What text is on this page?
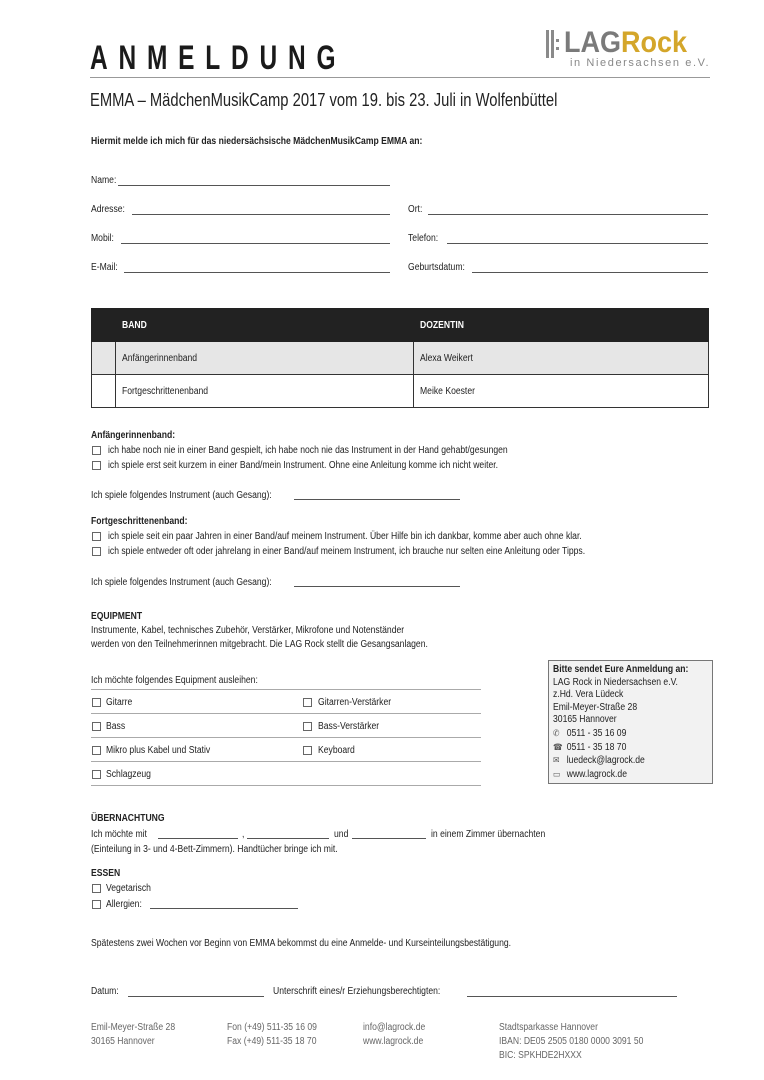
ANMELDUNG	LAGRock
in Niedersachsen e.V.
EMMA – MädchenMusikCamp 2017 vom 19. bis 23. Juli in Wolfenbüttel
Hiermit melde ich mich für das niedersächsische MädchenMusikCamp EMMA an:
Name:
Adresse:	Ort:
Mobil:	Telefon:
E-Mail:	Geburtsdatum:
	BAND	DOZENTIN
	Anfängerinnenband	Alexa Weikert
	Fortgeschrittenenband	Meike Koester
Anfängerinnenband:
ich habe noch nie in einer Band gespielt, ich habe noch nie das Instrument in der Hand gehabt/gesungen
ich spiele erst seit kurzem in einer Band/mein Instrument. Ohne eine Anleitung komme ich nicht weiter.
Ich spiele folgendes Instrument (auch Gesang):
Fortgeschrittenenband:
ich spiele seit ein paar Jahren in einer Band/auf meinem Instrument. Über Hilfe bin ich dankbar, komme aber auch ohne klar.
ich spiele entweder oft oder jahrelang in einer Band/auf meinem Instrument, ich brauche nur selten eine Anleitung oder Tipps.
Ich spiele folgendes Instrument (auch Gesang):
EQUIPMENT
Instrumente, Kabel, technisches Zubehör, Verstärker, Mikrofone und Notenständer
werden von den Teilnehmerinnen mitgebracht. Die LAG Rock stellt die Gesangsanlagen.
Ich möchte folgendes Equipment ausleihen:
Gitarre	Gitarren-Verstärker
Bass	Bass-Verstärker
Mikro plus Kabel und Stativ	Keyboard
Schlagzeug
Bitte sendet Eure Anmeldung an:
LAG Rock in Niedersachsen e.V.
z.Hd. Vera Lüdeck
Emil-Meyer-Straße 28
30165 Hannover
✆ 0511 - 35 16 09
☎ 0511 - 35 18 70
✉ luedeck@lagrock.de
▭ www.lagrock.de
ÜBERNACHTUNG
Ich möchte mit	,	und	in einem Zimmer übernachten
(Einteilung in 3- und 4-Bett-Zimmern). Handtücher bringe ich mit.
ESSEN
Vegetarisch
Allergien:
Spätestens zwei Wochen vor Beginn von EMMA bekommst du eine Anmelde- und Kurseinteilungsbestätigung.
Datum:	Unterschrift eines/r Erziehungsberechtigten:
Emil-Meyer-Straße 28
30165 Hannover
Fon (+49) 511-35 16 09
Fax (+49) 511-35 18 70
info@lagrock.de
www.lagrock.de
Stadtsparkasse Hannover
IBAN: DE05 2505 0180 0000 3091 50
BIC: SPKHDE2HXXX
